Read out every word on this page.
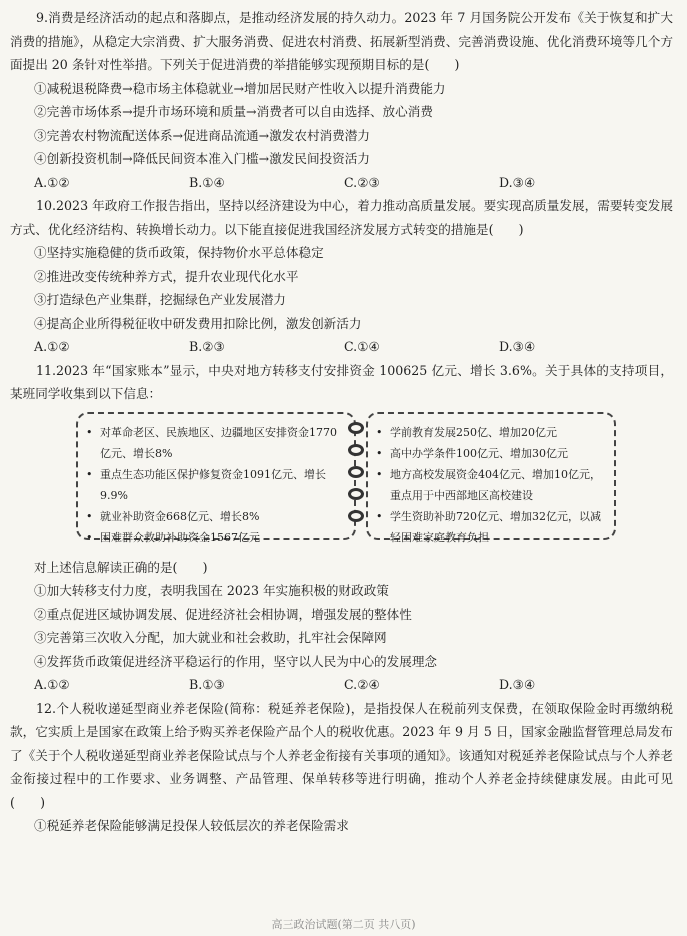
9.消费是经济活动的起点和落脚点，是推动经济发展的持久动力。2023 年 7 月国务院公开发布《关于恢复和扩大消费的措施》，从稳定大宗消费、扩大服务消费、促进农村消费、拓展新型消费、完善消费设施、优化消费环境等几个方面提出 20 条针对性举措。下列关于促进消费的举措能够实现预期目标的是(　　)

①减税退税降费→稳市场主体稳就业→增加居民财产性收入以提升消费能力
②完善市场体系→提升市场环境和质量→消费者可以自由选择、放心消费
③完善农村物流配送体系→促进商品流通→激发农村消费潜力
④创新投资机制→降低民间资本准入门槛→激发民间投资活力
A.①②	B.①④	C.②③	D.③④

10.2023 年政府工作报告指出，坚持以经济建设为中心，着力推动高质量发展。要实现高质量发展，需要转变发展方式、优化经济结构、转换增长动力。以下能直接促进我国经济发展方式转变的措施是(　　)

①坚持实施稳健的货币政策，保持物价水平总体稳定
②推进改变传统种养方式，提升农业现代化水平
③打造绿色产业集群，挖掘绿色产业发展潜力
④提高企业所得税征收中研发费用扣除比例，激发创新活力
A.①②	B.②③	C.①④	D.③④

11.2023 年“国家账本”显示，中央对地方转移支付安排资金 100625 亿元、增长 3.6%。关于具体的支持项目，某班同学收集到以下信息：

• 对革命老区、民族地区、边疆地区安排资金1770亿元、增长8%
• 重点生态功能区保护修复资金1091亿元、增长9.9%
• 就业补助资金668亿元、增长8%
• 困难群众救助补助资金1567亿元
• 学前教育发展250亿、增加20亿元
• 高中办学条件100亿元、增加30亿元
• 地方高校发展资金404亿元、增加10亿元，重点用于中西部地区高校建设
• 学生资助补助720亿元、增加32亿元，以减轻困难家庭教育负担
对上述信息解读正确的是(　　)
①加大转移支付力度，表明我国在 2023 年实施积极的财政政策
②重点促进区域协调发展、促进经济社会相协调，增强发展的整体性
③完善第三次收入分配，加大就业和社会救助，扎牢社会保障网
④发挥货币政策促进经济平稳运行的作用，坚守以人民为中心的发展理念
A.①②	B.①③	C.②④	D.③④

12.个人税收递延型商业养老保险(简称：税延养老保险)，是指投保人在税前列支保费，在领取保险金时再缴纳税款，它实质上是国家在政策上给予购买养老保险产品个人的税收优惠。2023 年 9 月 5 日，国家金融监督管理总局发布了《关于个人税收递延型商业养老保险试点与个人养老金衔接有关事项的通知》。该通知对税延养老保险试点与个人养老金衔接过程中的工作要求、业务调整、产品管理、保单转移等进行明确，推动个人养老金持续健康发展。由此可见(　　)

①税延养老保险能够满足投保人较低层次的养老保险需求
高三政治试题(第二页 共八页)
